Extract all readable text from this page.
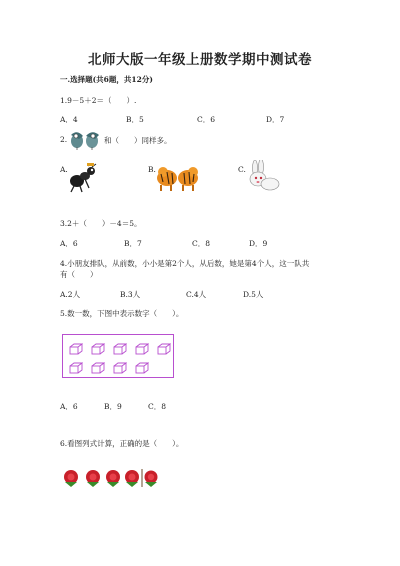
北师大版一年级上册数学期中测试卷
一.选择题(共6题，共12分)
1.9－5＋2＝（　　）.
A．4	B．5	C．6	D．7
2.	和（　　）同样多。
A.	B.	C.
3.2＋（　　）－4＝5。
A．6	B．7	C．8	D．9
4.小朋友排队，从前数，小小是第2个人，从后数，她是第4个人，这一队共
有（　　）
A.2人	B.3人	C.4人	D.5人
5.数一数，下图中表示数字（　　）。
A．6	B．9	C．8
6.看图列式计算，正确的是（　　）。
